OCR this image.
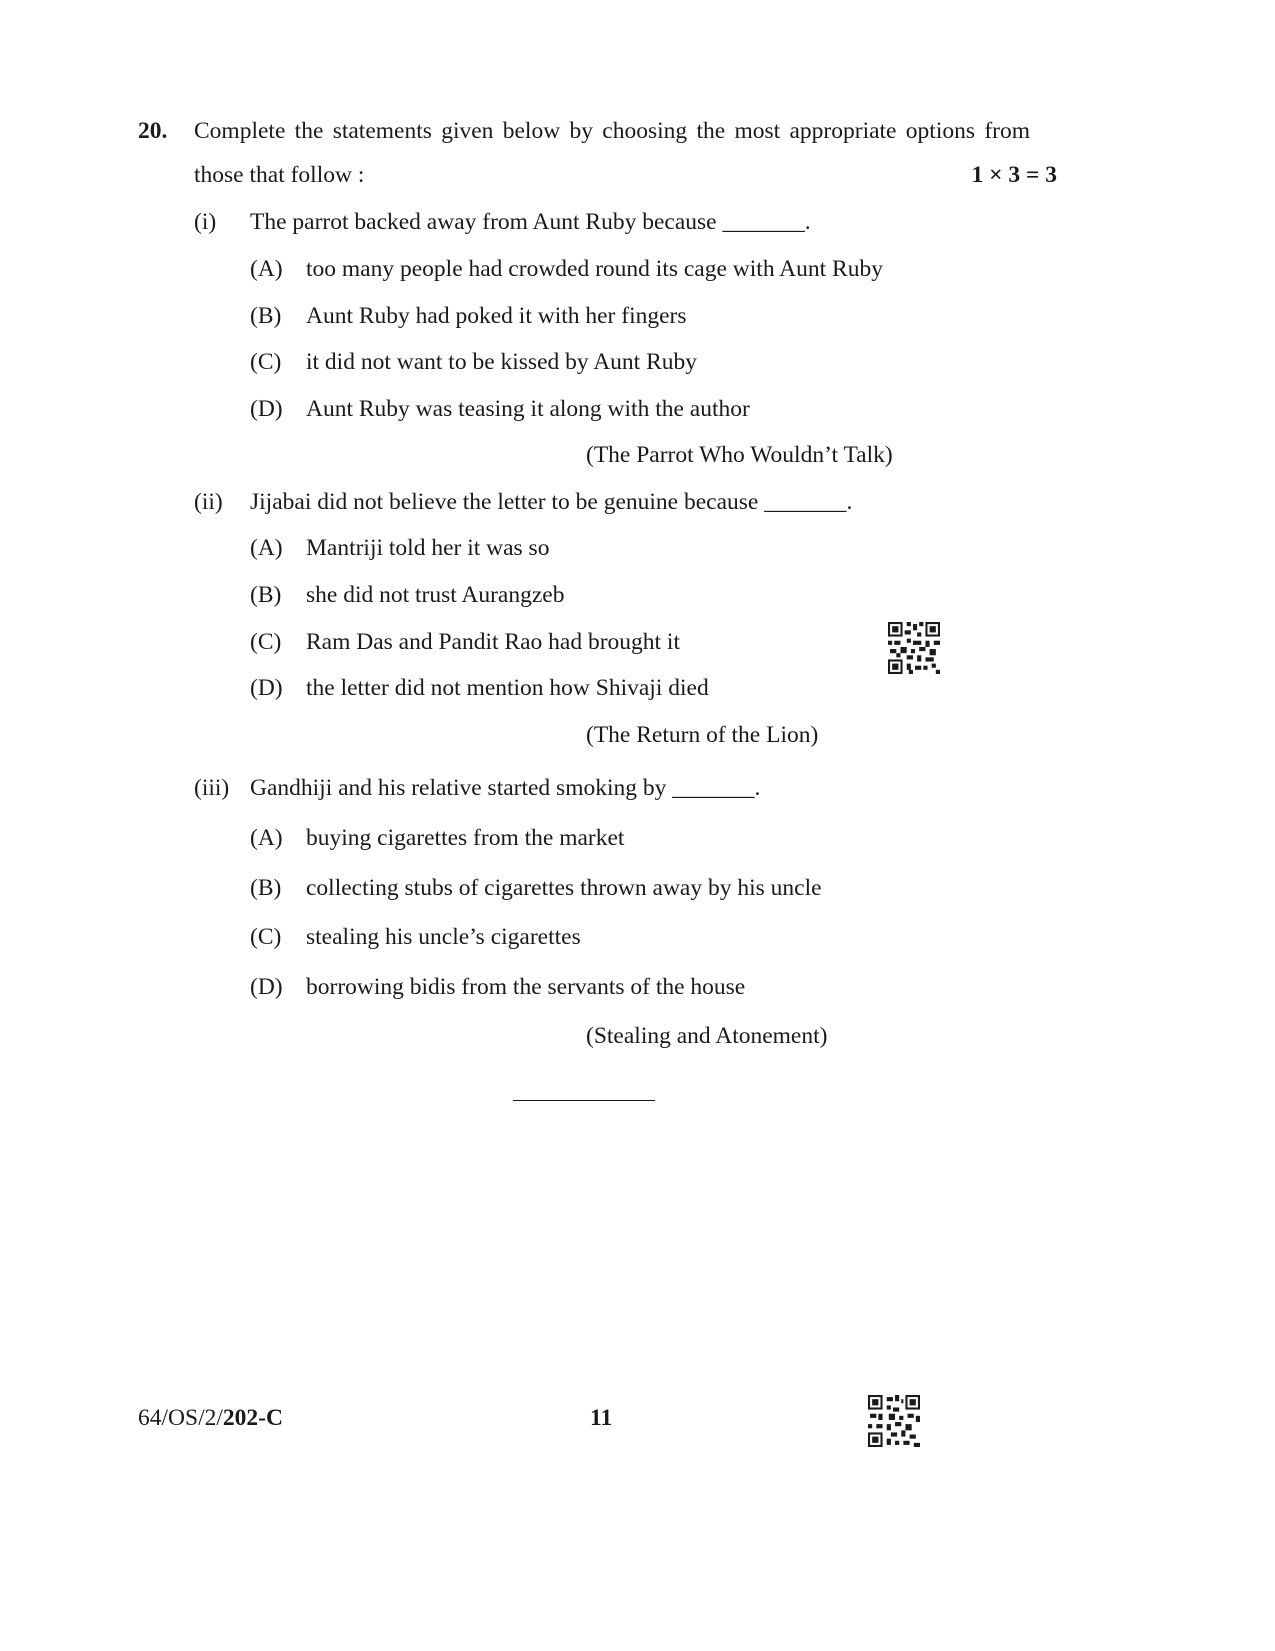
20. Complete the statements given below by choosing the most appropriate options from
those that follow :	1 × 3 = 3
(i) The parrot backed away from Aunt Ruby because _______.
(A) too many people had crowded round its cage with Aunt Ruby
(B) Aunt Ruby had poked it with her fingers
(C) it did not want to be kissed by Aunt Ruby
(D) Aunt Ruby was teasing it along with the author
(The Parrot Who Wouldn’t Talk)
(ii) Jijabai did not believe the letter to be genuine because _______.
(A) Mantriji told her it was so
(B) she did not trust Aurangzeb
(C) Ram Das and Pandit Rao had brought it
(D) the letter did not mention how Shivaji died
(The Return of the Lion)
(iii) Gandhiji and his relative started smoking by _______.
(A) buying cigarettes from the market
(B) collecting stubs of cigarettes thrown away by his uncle
(C) stealing his uncle’s cigarettes
(D) borrowing bidis from the servants of the house
(Stealing and Atonement)
64/OS/2/202-C	11
